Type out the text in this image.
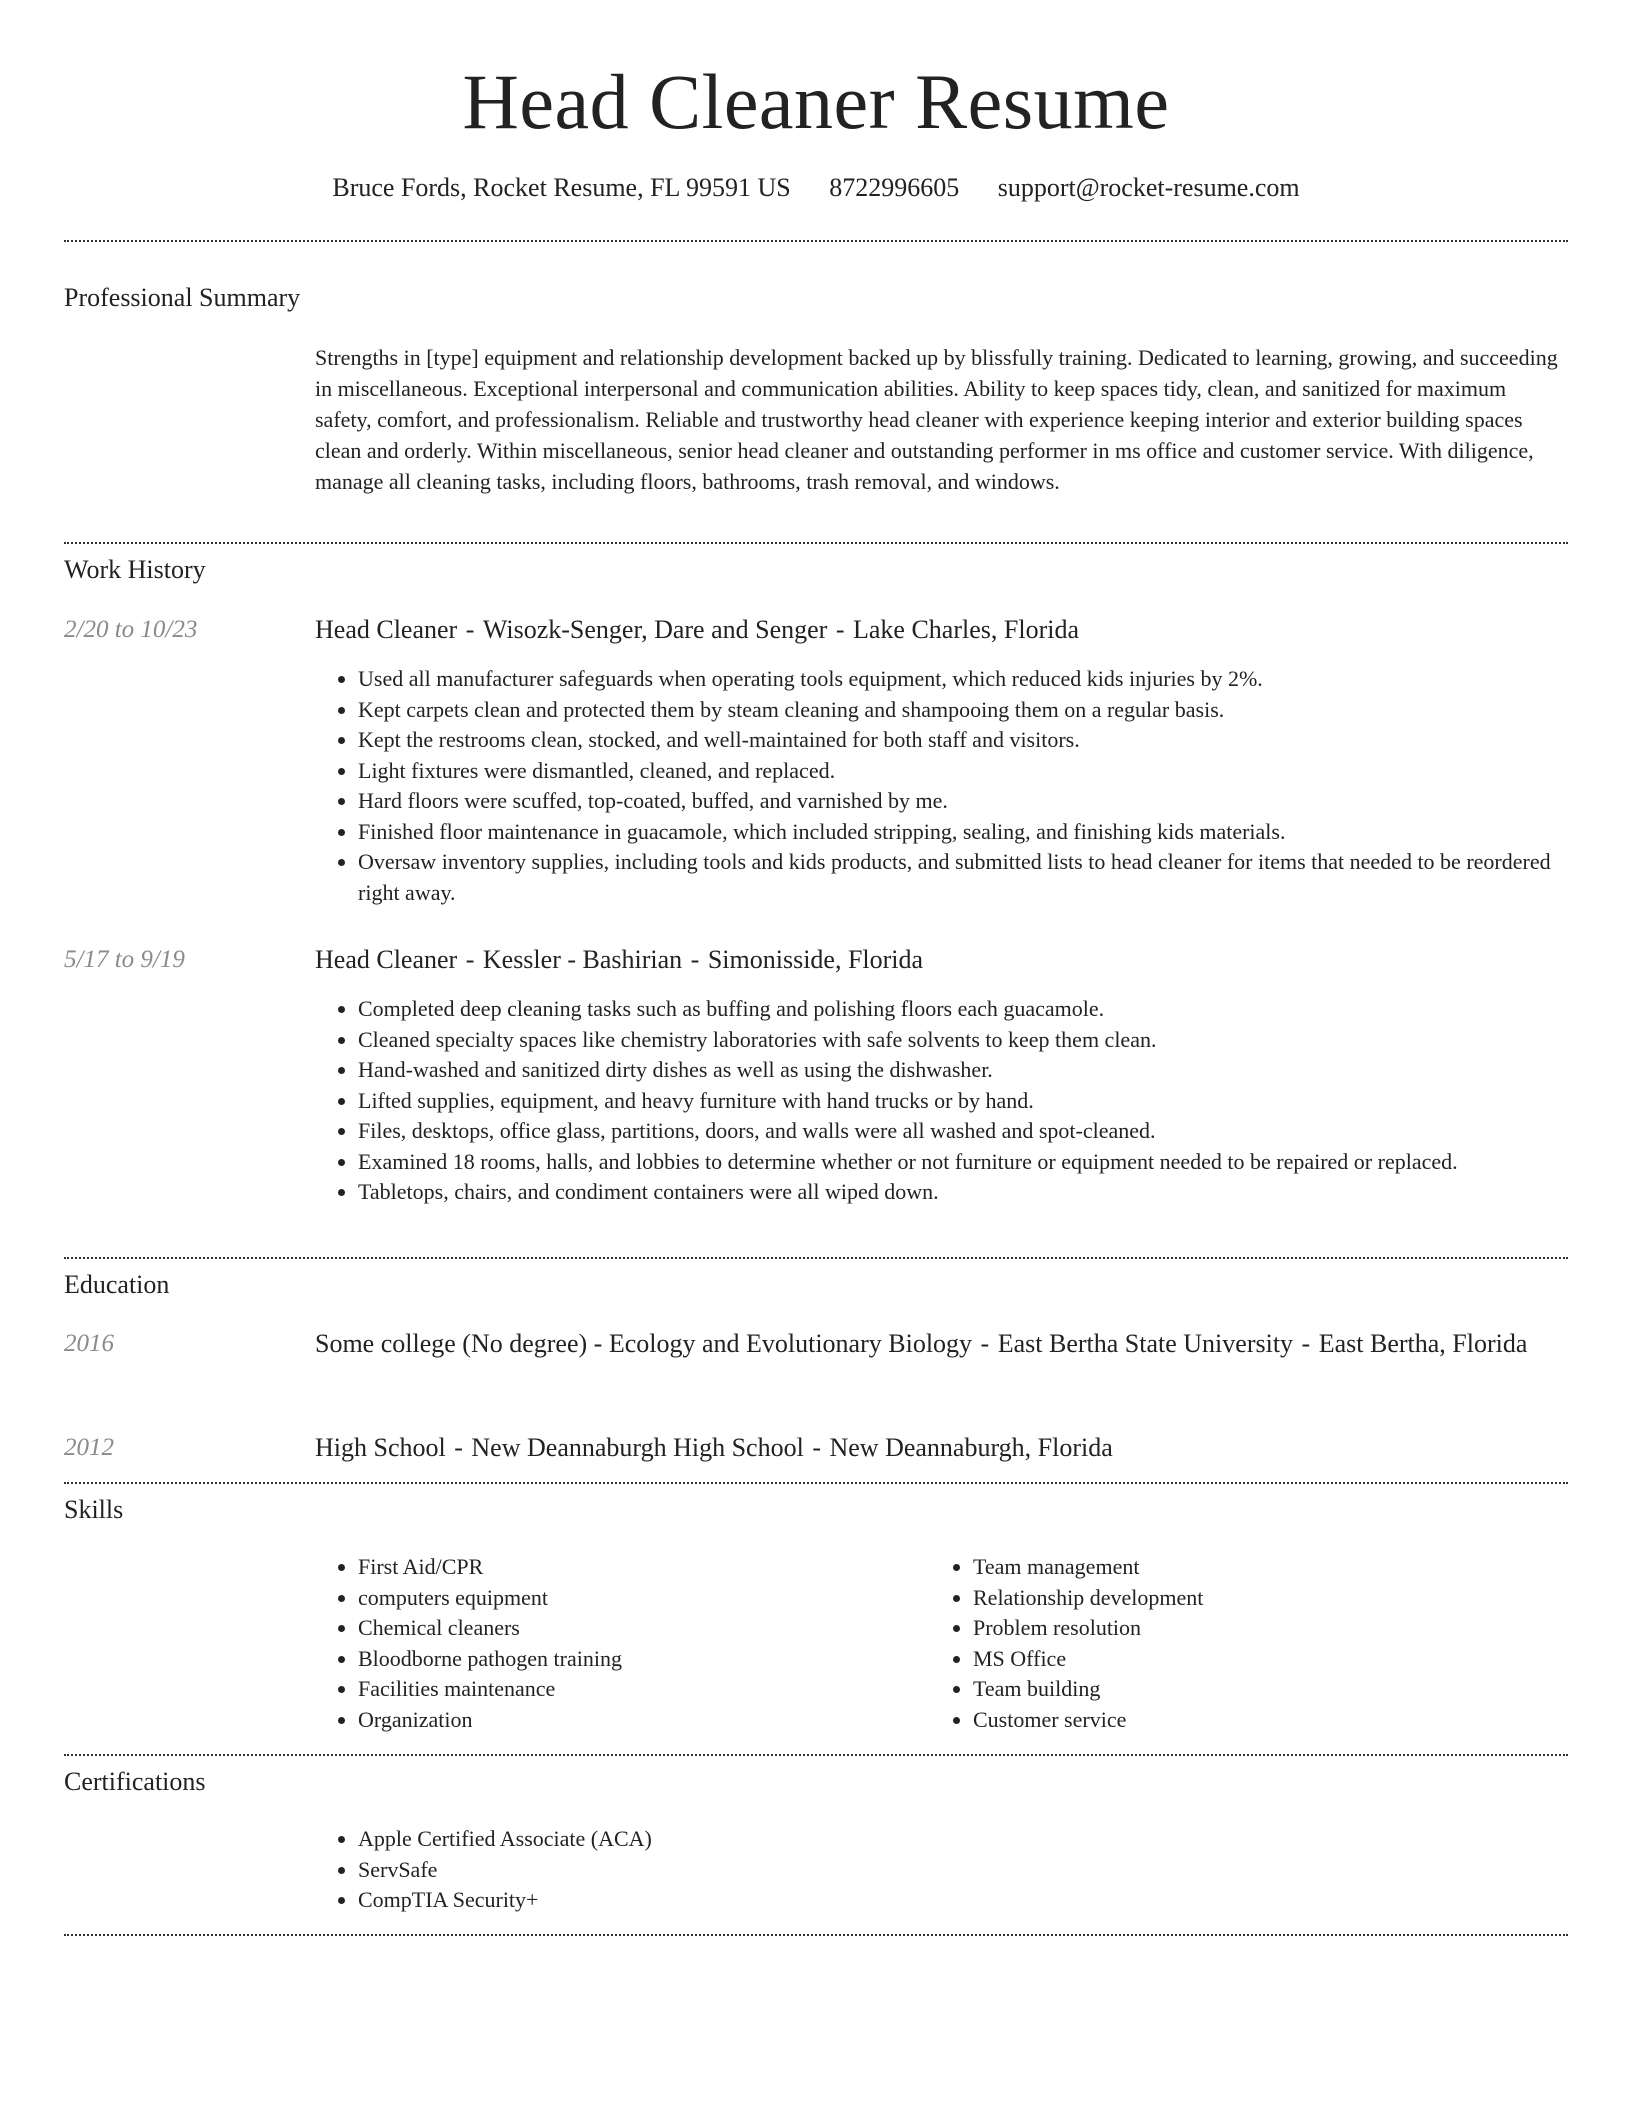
Head Cleaner Resume
Bruce Fords, Rocket Resume, FL 99591 US 8722996605 support@rocket-resume.com
Professional Summary
Strengths in [type] equipment and relationship development backed up by blissfully training. Dedicated to learning, growing, and succeeding in miscellaneous. Exceptional interpersonal and communication abilities. Ability to keep spaces tidy, clean, and sanitized for maximum safety, comfort, and professionalism. Reliable and trustworthy head cleaner with experience keeping interior and exterior building spaces clean and orderly. Within miscellaneous, senior head cleaner and outstanding performer in ms office and customer service. With diligence, manage all cleaning tasks, including floors, bathrooms, trash removal, and windows.
Work History
2/20 to 10/23	Head Cleaner - Wisozk-Senger, Dare and Senger - Lake Charles, Florida
• Used all manufacturer safeguards when operating tools equipment, which reduced kids injuries by 2%.
• Kept carpets clean and protected them by steam cleaning and shampooing them on a regular basis.
• Kept the restrooms clean, stocked, and well-maintained for both staff and visitors.
• Light fixtures were dismantled, cleaned, and replaced.
• Hard floors were scuffed, top-coated, buffed, and varnished by me.
• Finished floor maintenance in guacamole, which included stripping, sealing, and finishing kids materials.
• Oversaw inventory supplies, including tools and kids products, and submitted lists to head cleaner for items that needed to be reordered right away.
5/17 to 9/19	Head Cleaner - Kessler - Bashirian - Simonisside, Florida
• Completed deep cleaning tasks such as buffing and polishing floors each guacamole.
• Cleaned specialty spaces like chemistry laboratories with safe solvents to keep them clean.
• Hand-washed and sanitized dirty dishes as well as using the dishwasher.
• Lifted supplies, equipment, and heavy furniture with hand trucks or by hand.
• Files, desktops, office glass, partitions, doors, and walls were all washed and spot-cleaned.
• Examined 18 rooms, halls, and lobbies to determine whether or not furniture or equipment needed to be repaired or replaced.
• Tabletops, chairs, and condiment containers were all wiped down.
Education
2016	Some college (No degree) - Ecology and Evolutionary Biology - East Bertha State University - East Bertha, Florida
2012	High School - New Deannaburgh High School - New Deannaburgh, Florida
Skills
• First Aid/CPR
• computers equipment
• Chemical cleaners
• Bloodborne pathogen training
• Facilities maintenance
• Organization
• Team management
• Relationship development
• Problem resolution
• MS Office
• Team building
• Customer service
Certifications
• Apple Certified Associate (ACA)
• ServSafe
• CompTIA Security+
